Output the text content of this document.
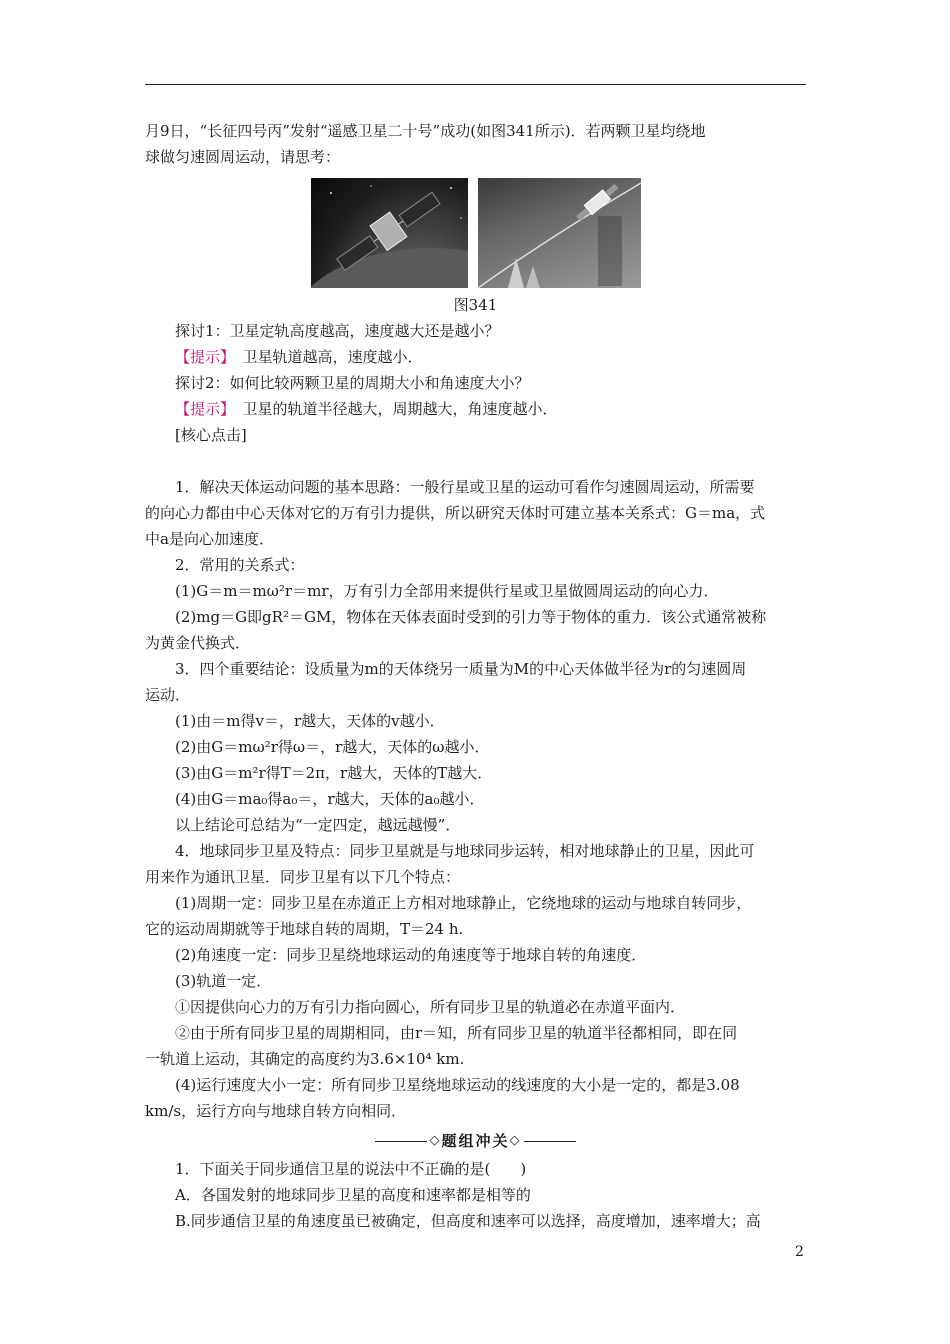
月9日，“长征四号丙”发射“遥感卫星二十号”成功(如图341所示)．若两颗卫星均绕地

球做匀速圆周运动，请思考：

图341

探讨1：卫星定轨高度越高，速度越大还是越小？

【提示】　 卫星轨道越高，速度越小．

探讨2：如何比较两颗卫星的周期大小和角速度大小？

【提示】　 卫星的轨道半径越大，周期越大，角速度越小．

[核心点击]

1．解决天体运动问题的基本思路：一般行星或卫星的运动可看作匀速圆周运动，所需要

的向心力都由中心天体对它的万有引力提供，所以研究天体时可建立基本关系式：G＝ma，式

中a是向心加速度．

2．常用的关系式：

(1)G＝m＝mω²r＝mr，万有引力全部用来提供行星或卫星做圆周运动的向心力．

(2)mg＝G即gR²＝GM，物体在天体表面时受到的引力等于物体的重力．该公式通常被称

为黄金代换式．

3．四个重要结论：设质量为m的天体绕另一质量为M的中心天体做半径为r的匀速圆周

运动．

(1)由＝m得v＝，r越大，天体的v越小．

(2)由G＝mω²r得ω＝，r越大，天体的ω越小．

(3)由G＝m²r得T＝2π，r越大，天体的T越大．

(4)由G＝ma₀得a₀＝，r越大，天体的a₀越小．

以上结论可总结为“一定四定，越远越慢”．

4．地球同步卫星及特点：同步卫星就是与地球同步运转，相对地球静止的卫星，因此可

用来作为通讯卫星．同步卫星有以下几个特点：

(1)周期一定：同步卫星在赤道正上方相对地球静止，它绕地球的运动与地球自转同步，

它的运动周期就等于地球自转的周期，T＝24 h.

(2)角速度一定：同步卫星绕地球运动的角速度等于地球自转的角速度．

(3)轨道一定．

①因提供向心力的万有引力指向圆心，所有同步卫星的轨道必在赤道平面内．

②由于所有同步卫星的周期相同，由r＝知，所有同步卫星的轨道半径都相同，即在同

一轨道上运动，其确定的高度约为3.6×10⁴ km.

(4)运行速度大小一定：所有同步卫星绕地球运动的线速度的大小是一定的，都是3.08

km/s，运行方向与地球自转方向相同．

◇ 题组冲关 ◇

1．下面关于同步通信卫星的说法中不正确的是(　　)

A．各国发射的地球同步卫星的高度和速率都是相等的

B.同步通信卫星的角速度虽已被确定，但高度和速率可以选择，高度增加，速率增大；高

2
